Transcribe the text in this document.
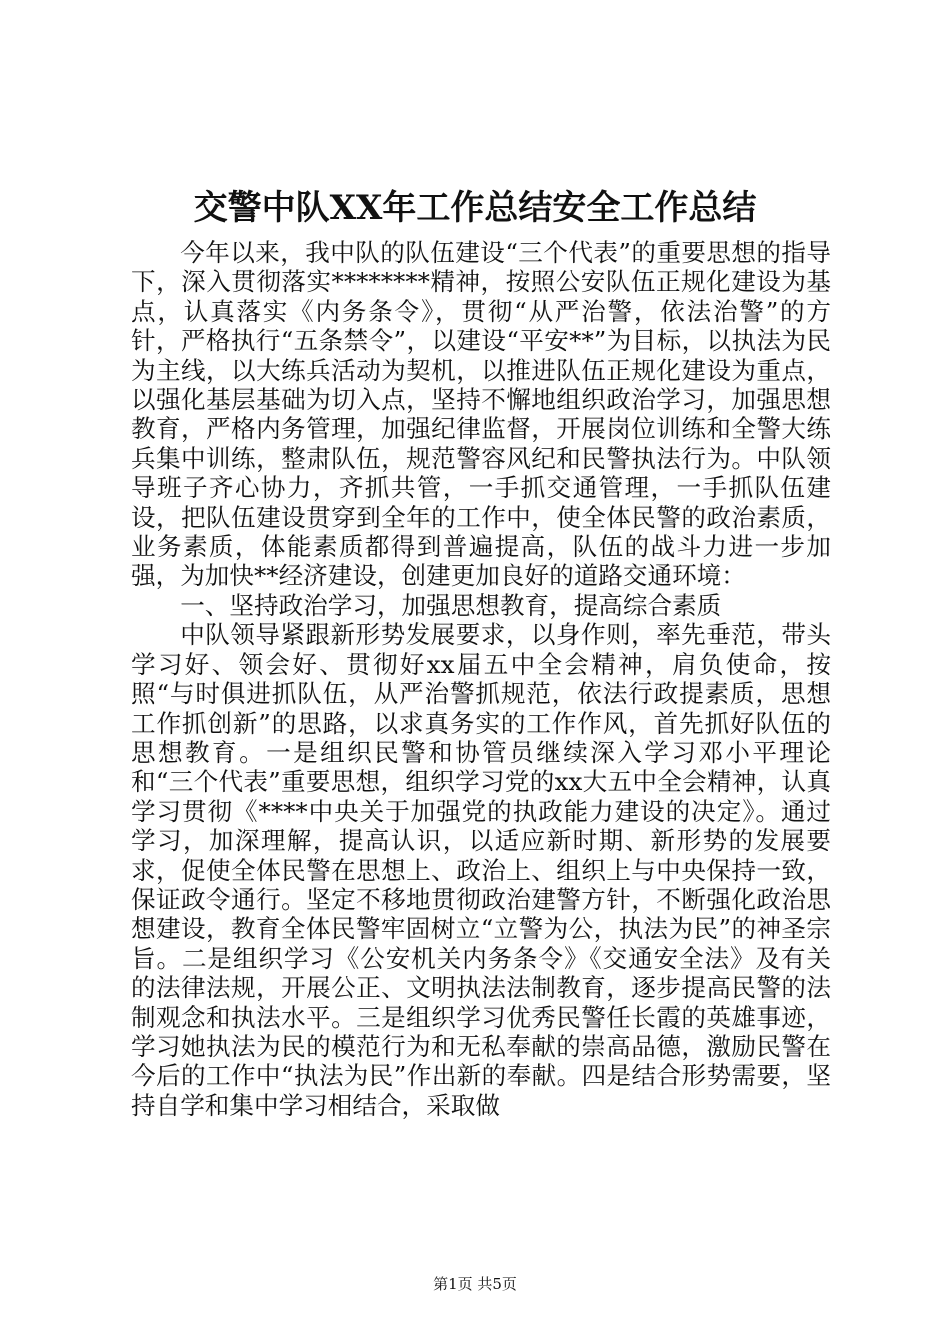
交警中队XX年工作总结安全工作总结

今年以来，我中队的队伍建设“三个代表”的重要思想的指导下，深入贯彻落实********精神，按照公安队伍正规化建设为基点，认真落实《内务条令》，贯彻“从严治警，依法治警”的方针，严格执行“五条禁令”，以建设“平安**”为目标，以执法为民为主线，以大练兵活动为契机，以推进队伍正规化建设为重点，以强化基层基础为切入点，坚持不懈地组织政治学习，加强思想教育，严格内务管理，加强纪律监督，开展岗位训练和全警大练兵集中训练，整肃队伍，规范警容风纪和民警执法行为。中队领导班子齐心协力，齐抓共管，一手抓交通管理，一手抓队伍建设，把队伍建设贯穿到全年的工作中，使全体民警的政治素质，业务素质，体能素质都得到普遍提高，队伍的战斗力进一步加强，为加快**经济建设，创建更加良好的道路交通环境：

一、坚持政治学习，加强思想教育，提高综合素质

中队领导紧跟新形势发展要求，以身作则，率先垂范，带头学习好、领会好、贯彻好xx届五中全会精神，肩负使命，按照“与时俱进抓队伍，从严治警抓规范，依法行政提素质，思想工作抓创新”的思路，以求真务实的工作作风，首先抓好队伍的思想教育。一是组织民警和协管员继续深入学习邓小平理论和“三个代表”重要思想，组织学习党的xx大五中全会精神，认真学习贯彻《****中央关于加强党的执政能力建设的决定》。通过学习，加深理解，提高认识，以适应新时期、新形势的发展要求，促使全体民警在思想上、政治上、组织上与中央保持一致，保证政令通行。坚定不移地贯彻政治建警方针，不断强化政治思想建设，教育全体民警牢固树立“立警为公，执法为民”的神圣宗旨。二是组织学习《公安机关内务条令》《交通安全法》及有关的法律法规，开展公正、文明执法法制教育，逐步提高民警的法制观念和执法水平。三是组织学习优秀民警任长霞的英雄事迹，学习她执法为民的模范行为和无私奉献的崇高品德，激励民警在今后的工作中“执法为民”作出新的奉献。四是结合形势需要，坚持自学和集中学习相结合，采取做

第1页 共5页
